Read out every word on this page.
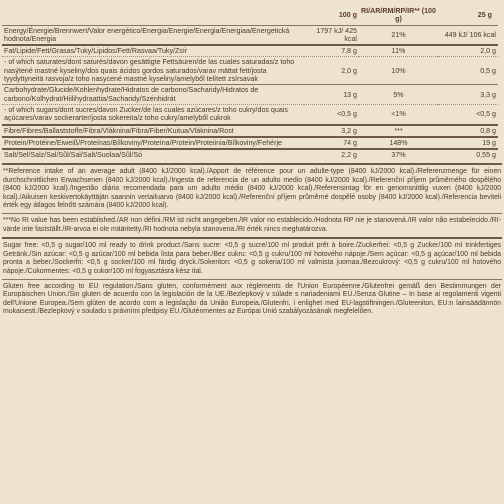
	100 g	RI/AR/RM/RP/IR** (100 g)	25 g
Energy/Énergie/Brennwert/Valor energético/Energia/Energie/Energia/Energiaa/Energetická hodnota/Energia	1797 kJ/ 425 kcal	21%	449 kJ/ 106 kcal
Fat/Lipide/Fett/Grasas/Tuky/Lipidos/Fett/Rasvaa/Tuky/Zsír	7,8 g	11%	2,0 g
- of which saturates/dont saturés/davon gesättigte Fettsäuren/de las cuales saturadas/z toho nasýtené mastné kyseliny/dos quais ácidos gordos saturados/varav mättat fett/josta tyydyttyneitä rasvoja/z toho nasycené mastné kyseliny/amelyből telített zsírsavak	2,0 g	10%	0,5 g
Carbohydrate/Glucide/Kohlenhydrate/Hidratos de carbono/Sacharidy/Hidratos de carbono/Kolhydrat/Hiilihydraattia/Sacharidy/Szénhidrát	13 g	5%	3,3 g
- of which sugars/dont sucres/davon Zucker/de las cuales azúcares/z toho cukry/dos quais açúcares/varav sockerarter/josta sokereita/z toho cukry/amelyből cukrok	<0,5 g	<1%	<0,5 g
Fibre/Fibres/Ballaststoffe/Fibra/Vláknina/Fibra/Fiber/Kuitua/Vláknina/Rost	3,2 g	***	0,8 g
Protein/Protéine/Eiweiß/Proteínas/Bílkoviny/Proteína/Protein/Proteiinia/Bílkoviny/Fehérje	74 g	148%	19 g
Salt/Sel/Salz/Sal/Sůl/Sal/Salt/Suolaa/Sůl/Só	2,2 g	37%	0,55 g

**Reference intake of an average adult (8400 kJ/2000 kcal)./Apport de référence pour un adulte-type (8400 kJ/2000 kcal)./Referenzmenge für einen durchschnittlichen Erwachsenen (8400 kJ/2000 kcal)./Ingesta de referencia de un adulto medio (8400 kJ/2000 kcal)./Referenční příjem průměrného dospělého (8400 kJ/2000 kcal)./Ingestão diária recomendada para um adulto médio (8400 kJ/2000 kcal)./Referensintag för en genomsnittlig vuxen (8400 kJ/2000 kcal)./Aikuisen keskivertokäyttäjän saannin vertailuarvo (8400 kJ/2000 kcal)./Referenční příjem průměrné dospělé osoby (8400 kJ/2000 kcal)./Referencia beviteli érték egy átlagos felnőtt számára (8400 kJ/2000 kcal).

***No RI value has been established./AR non défini./RM ist nicht angegeben./IR valor no establecido./Hodnota RP nie je stanovená./IR valor não estabelecido./RI-värde inte fastställt./IR-arvoa ei ole määritetty./RI hodnota nebyla stanovena./RI érték nincs meghatározva.

Sugar free: <0,5 g sugar/100 ml ready to drink product./Sans sucre: <0,5 g sucre/100 ml produit prêt à boire./Zuckerfrei: <0,5 g Zucker/100 ml trinkfertiges Getränk./Sin azúcar: <0,5 g azúcar/100 ml bebida lista para beber./Bez cukru: <0,5 g cukru/100 ml hotového nápoje./Sem açúcar: <0,5 g açúcar/100 ml bebida pronta a beber./Sockerfri: <0,5 g socker/100 ml färdig dryck./Sokeriton: <0,5 g sokeria/100 ml valmista juomaa./Bezcukrový: <0,5 g cukru/100 ml hotového nápoje./Cukormentes: <0,5 g cukor/100 ml fogyasztásra kész ital.

Gluten free according to EU regulation./Sans gluten, conformément aux règlements de l'Union Européenne./Glutenfrei gemäß den Bestimmungen der Europäischen Union./Sin gluten de acuerdo con la legislación de la UE./Bezlepkový v súlade s nariadeniami EÚ./Senza Glutine – In base ai regolamenti vigenti dell'Unione Europea./Sem glúten de acordo com a legislação da União Europeia./Glutenfri, i enlighet med EU-lagstiftningen./Gluteeniton, EU:n lainsäädännön mukaisesti./Bezlepkový v souladu s právními předpisy EU./Gluténmentes az Európai Unió szabályozásának megfelelően.
